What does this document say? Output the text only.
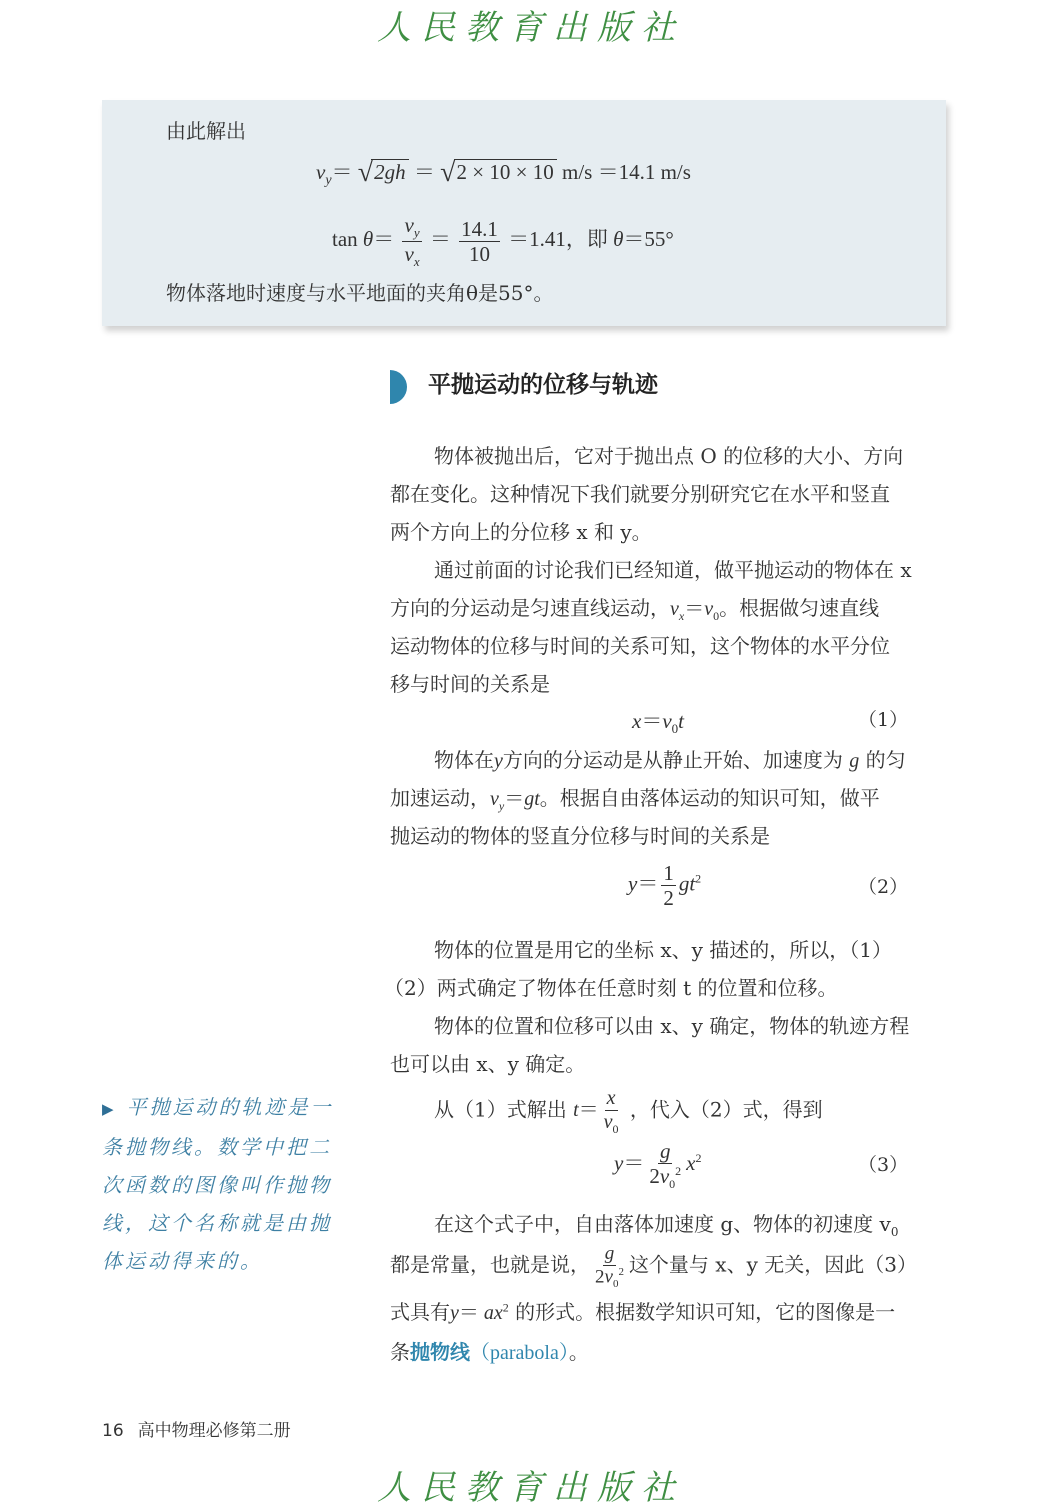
人民教育出版社
由此解出
$v_y= √2gh = √2 \times 10 \times 10$ m/s ＝14.1 m/s
$\tan \theta= \frac{v_y}{v_x} = \frac{14.1}{10} =1.41$，即 θ＝55°
物体落地时速度与水平地面的夹角θ是55°。
平抛运动的位移与轨迹
物体被抛出后，它对于抛出点 O 的位移的大小、方向
都在变化。这种情况下我们就要分别研究它在水平和竖直
两个方向上的分位移 x 和 y。
通过前面的讨论我们已经知道，做平抛运动的物体在 x
方向的分运动是匀速直线运动，$v_x=v_0$。根据做匀速直线
运动物体的位移与时间的关系可知，这个物体的水平分位
移与时间的关系是
$x=v_0t$	（1）
物体在y方向的分运动是从静止开始、加速度为 g 的匀
加速运动，$v_y=gt$。根据自由落体运动的知识可知，做平
抛运动的物体的竖直分位移与时间的关系是
$y= \frac{1}{2} gt^2$	（2）
物体的位置是用它的坐标 x、y 描述的，所以，（1）
（2）两式确定了物体在任意时刻 t 的位置和位移。
物体的位置和位移可以由 x、y 确定，物体的轨迹方程
也可以由 x、y 确定。
从（1）式解出 $t= \frac{x}{v_0}$ ，代入（2）式，得到
$y= \frac{g}{2v_0^2} x^2$	（3）
在这个式子中，自由落体加速度 g、物体的初速度 $v_0$
都是常量，也就是说， $\frac{g}{2v_0^2}$ 这个量与 x、y 无关，因此（3）
式具有$y= ax^2$ 的形式。根据数学知识可知，它的图像是一
条抛物线（parabola）。
▶ 平抛运动的轨迹是一条抛物线。数学中把二次函数的图像叫作抛物线，这个名称就是由抛体运动得来的。
16 高中物理必修第二册
人民教育出版社
